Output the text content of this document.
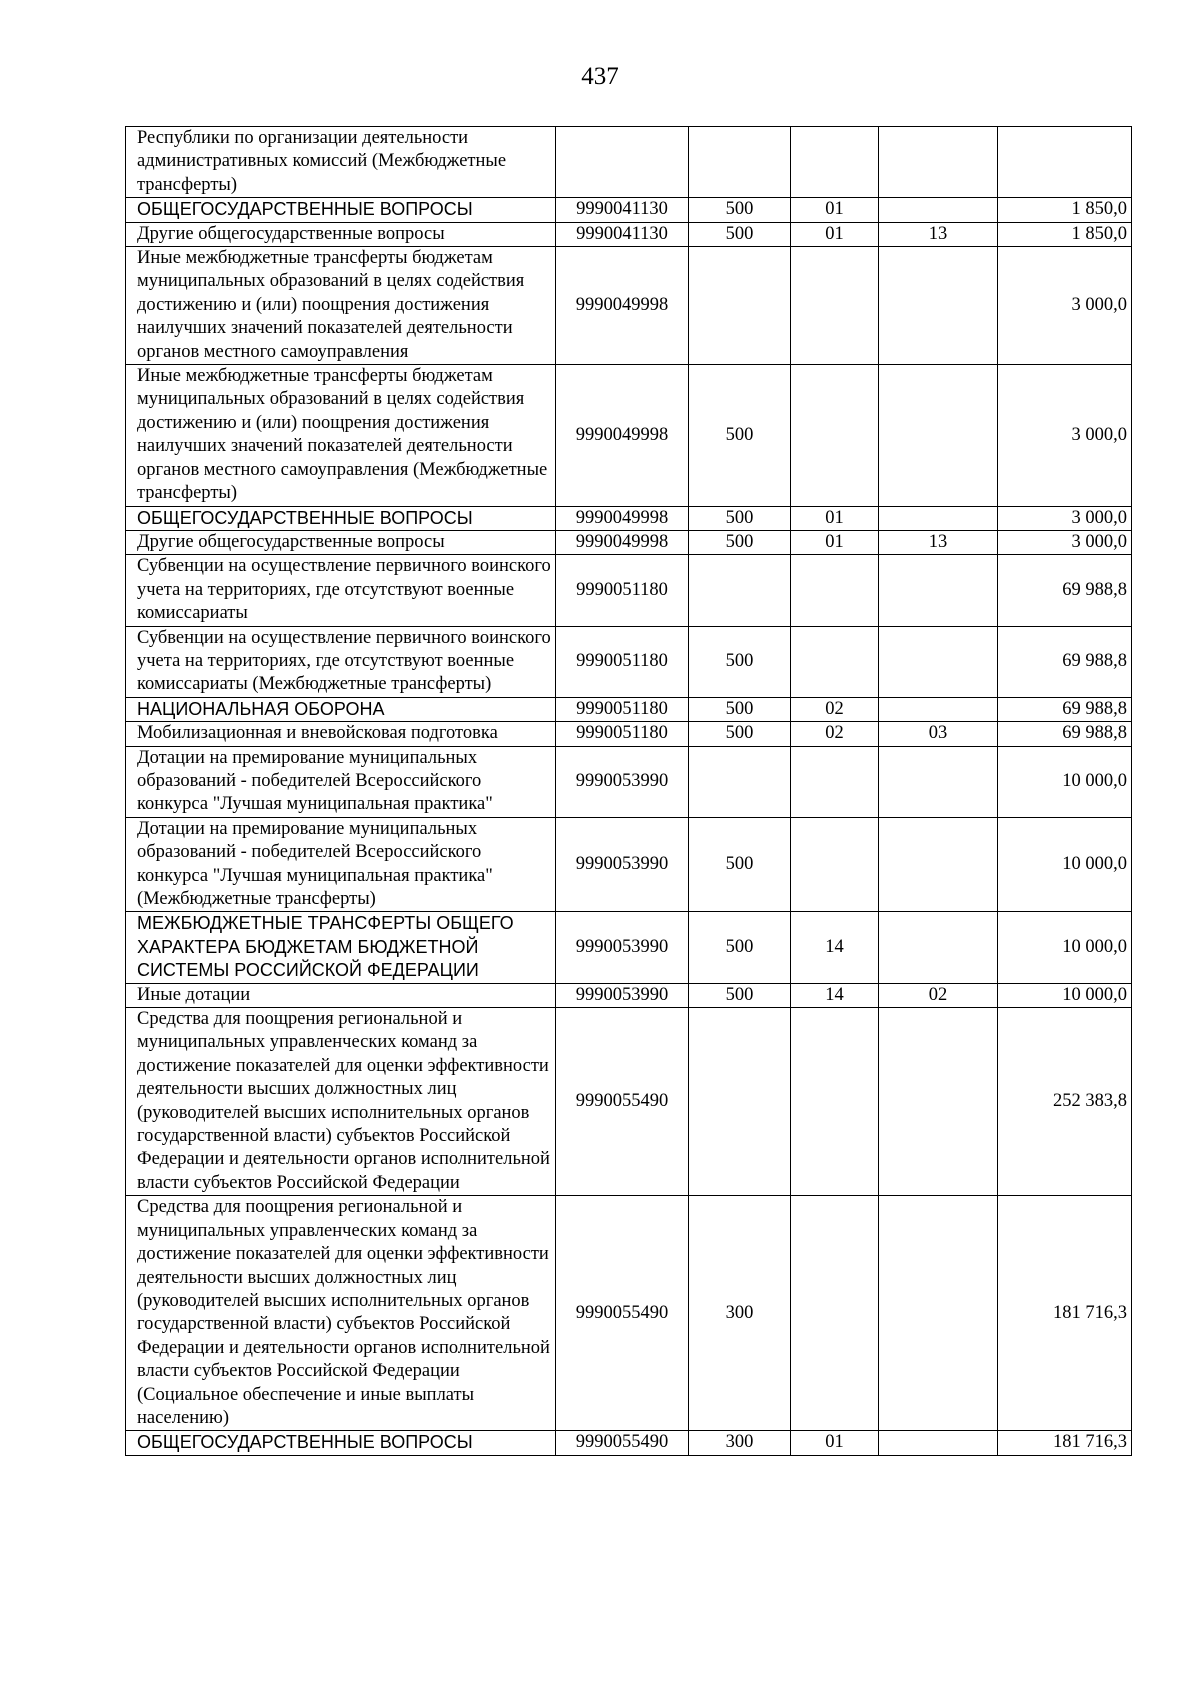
437
Республики по организации деятельности административных комиссий (Межбюджетные трансферты)					
ОБЩЕГОСУДАРСТВЕННЫЕ ВОПРОСЫ	9990041130	500	01		1 850,0
Другие общегосударственные вопросы	9990041130	500	01	13	1 850,0
Иные межбюджетные трансферты бюджетам муниципальных образований в целях содействия достижению и (или) поощрения достижения наилучших значений показателей деятельности органов местного самоуправления	9990049998				3 000,0
Иные межбюджетные трансферты бюджетам муниципальных образований в целях содействия достижению и (или) поощрения достижения наилучших значений показателей деятельности органов местного самоуправления (Межбюджетные трансферты)	9990049998	500			3 000,0
ОБЩЕГОСУДАРСТВЕННЫЕ ВОПРОСЫ	9990049998	500	01		3 000,0
Другие общегосударственные вопросы	9990049998	500	01	13	3 000,0
Субвенции на осуществление первичного воинского учета на территориях, где отсутствуют военные комиссариаты	9990051180				69 988,8
Субвенции на осуществление первичного воинского учета на территориях, где отсутствуют военные комиссариаты (Межбюджетные трансферты)	9990051180	500			69 988,8
НАЦИОНАЛЬНАЯ ОБОРОНА	9990051180	500	02		69 988,8
Мобилизационная и вневойсковая подготовка	9990051180	500	02	03	69 988,8
Дотации на премирование муниципальных образований - победителей Всероссийского конкурса "Лучшая муниципальная практика"	9990053990				10 000,0
Дотации на премирование муниципальных образований - победителей Всероссийского конкурса "Лучшая муниципальная практика" (Межбюджетные трансферты)	9990053990	500			10 000,0
МЕЖБЮДЖЕТНЫЕ ТРАНСФЕРТЫ ОБЩЕГО ХАРАКТЕРА БЮДЖЕТАМ БЮДЖЕТНОЙ СИСТЕМЫ РОССИЙСКОЙ ФЕДЕРАЦИИ	9990053990	500	14		10 000,0
Иные дотации	9990053990	500	14	02	10 000,0
Средства для поощрения региональной и муниципальных управленческих команд за достижение показателей для оценки эффективности деятельности высших должностных лиц (руководителей высших исполнительных органов государственной власти) субъектов Российской Федерации и деятельности органов исполнительной власти субъектов Российской Федерации	9990055490				252 383,8
Средства для поощрения региональной и муниципальных управленческих команд за достижение показателей для оценки эффективности деятельности высших должностных лиц (руководителей высших исполнительных органов государственной власти) субъектов Российской Федерации и деятельности органов исполнительной власти субъектов Российской Федерации (Социальное обеспечение и иные выплаты населению)	9990055490	300			181 716,3
ОБЩЕГОСУДАРСТВЕННЫЕ ВОПРОСЫ	9990055490	300	01		181 716,3
